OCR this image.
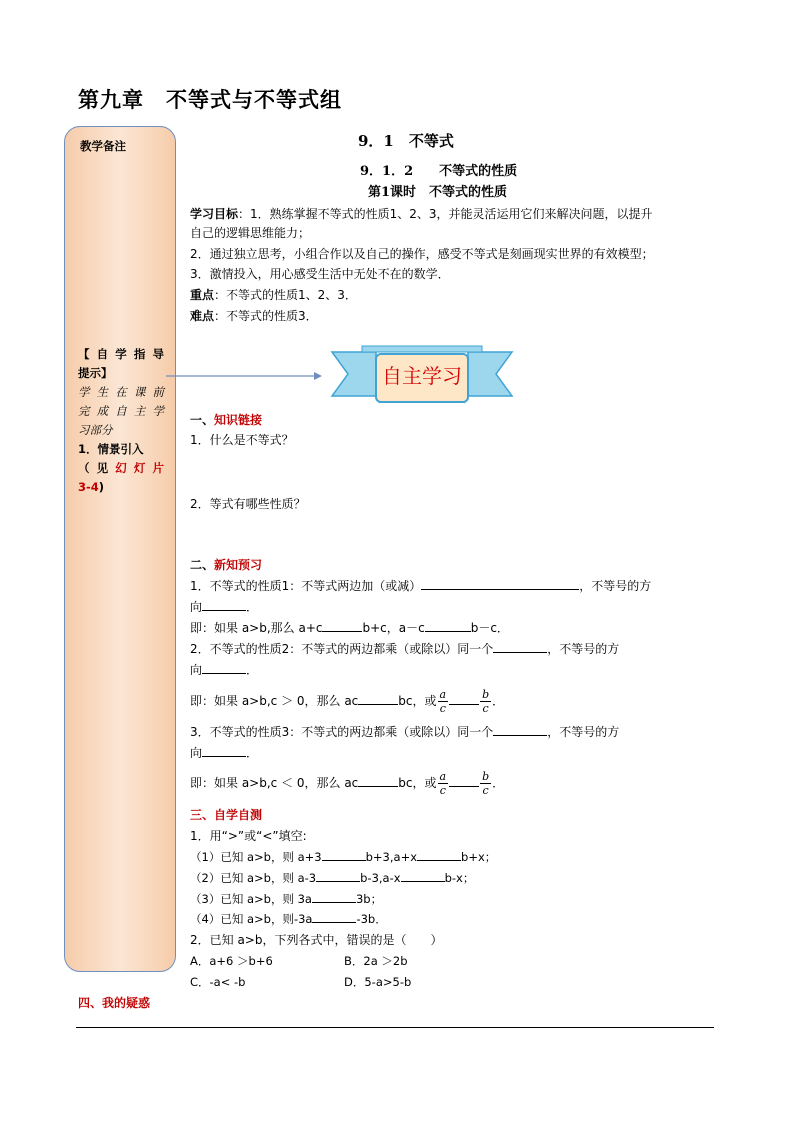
第九章　不等式与不等式组
教学备注
【自学指导
提示】
学生在课前
完成自主学
习部分
1．情景引入
（见幻灯片
3-4)
9．1　不等式
9．1．2　　不等式的性质
第1课时　不等式的性质
学习目标：1．熟练掌握不等式的性质1、2、3，并能灵活运用它们来解决问题，以提升
自己的逻辑思维能力；
2．通过独立思考，小组合作以及自己的操作，感受不等式是刻画现实世界的有效模型；
3．激情投入，用心感受生活中无处不在的数学．
重点：不等式的性质1、2、3．
难点：不等式的性质3．
自主学习
一、知识链接
1．什么是不等式？
2．等式有哪些性质？
二、新知预习
1．不等式的性质1：不等式两边加（或减）	，不等号的方
向	．
即：如果 a>b,那么 a+c	b+c，a－c	b－c．
2．不等式的性质2：不等式的两边都乘（或除以）同一个	，不等号的方
向	．
即：如果 a>b,c ＞ 0，那么 ac	bc，或 $\frac{a}{c}$	$\frac{b}{c}$ ．
3．不等式的性质3：不等式的两边都乘（或除以）同一个	，不等号的方
向	．
即：如果 a>b,c ＜ 0，那么 ac	bc，或 $\frac{a}{c}$	$\frac{b}{c}$ ．
三、自学自测
1．用“>”或“<”填空:
（1）已知 a>b，则 a+3	b+3,a+x	b+x；
（2）已知 a>b，则 a-3	b-3,a-x	b-x；
（3）已知 a>b，则 3a	3b；
（4）已知 a>b，则-3a	-3b．
2．已知 a>b，下列各式中，错误的是（　　）
A．a+6 ＞b+6	B．2a ＞2b
C．-a< -b	D．5-a>5-b
四、我的疑惑
